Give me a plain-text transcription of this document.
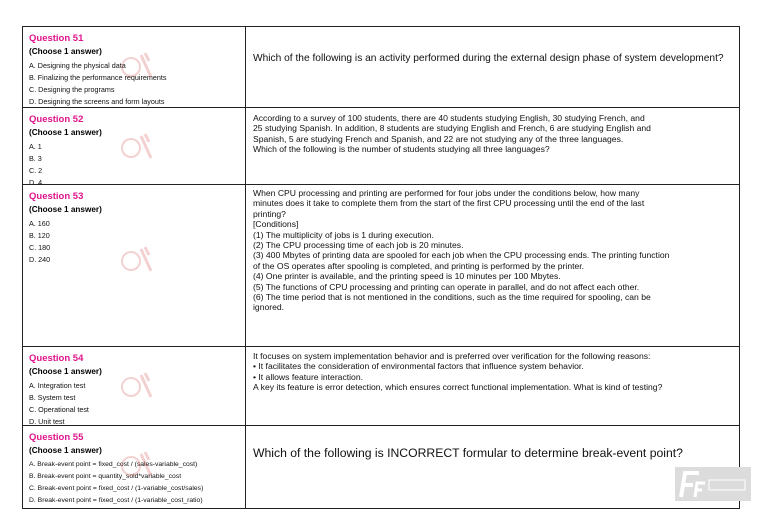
Question 51
(Choose 1 answer)
A. Designing the physical data
B. Finalizing the performance requirements
C. Designing the programs
D. Designing the screens and form layouts
Which of the following is an activity performed during the external design phase of system development?
Question 52
(Choose 1 answer)
A. 1
B. 3
C. 2
D. 4
According to a survey of 100 students, there are 40 students studying English, 30 studying French, and
25 studying Spanish. In addition, 8 students are studying English and French, 6 are studying English and
Spanish, 5 are studying French and Spanish, and 22 are not studying any of the three languages.
Which of the following is the number of students studying all three languages?
Question 53
(Choose 1 answer)
A. 160
B. 120
C. 180
D. 240
When CPU processing and printing are performed for four jobs under the conditions below, how many
minutes does it take to complete them from the start of the first CPU processing until the end of the last
printing?
[Conditions]
(1) The multiplicity of jobs is 1 during execution.
(2) The CPU processing time of each job is 20 minutes.
(3) 400 Mbytes of printing data are spooled for each job when the CPU processing ends. The printing function
of the OS operates after spooling is completed, and printing is performed by the printer.
(4) One printer is available, and the printing speed is 10 minutes per 100 Mbytes.
(5) The functions of CPU processing and printing can operate in parallel, and do not affect each other.
(6) The time period that is not mentioned in the conditions, such as the time required for spooling, can be
ignored.
Question 54
(Choose 1 answer)
A. Integration test
B. System test
C. Operational test
D. Unit test
It focuses on system implementation behavior and is preferred over verification for the following reasons:
• It facilitates the consideration of environmental factors that influence system behavior.
• It allows feature interaction.
A key its feature is error detection, which ensures correct functional implementation. What is kind of testing?
Question 55
(Choose 1 answer)
A. Break-event point = fixed_cost / (sales-variable_cost)
B. Break-event point = quantity_sold*variable_cost
C. Break-event point = fixed_cost / (1-variable_cost/sales)
D. Break-event point = fixed_cost / (1-variable_cost_ratio)
Which of the following is INCORRECT formular to determine break-event point?
